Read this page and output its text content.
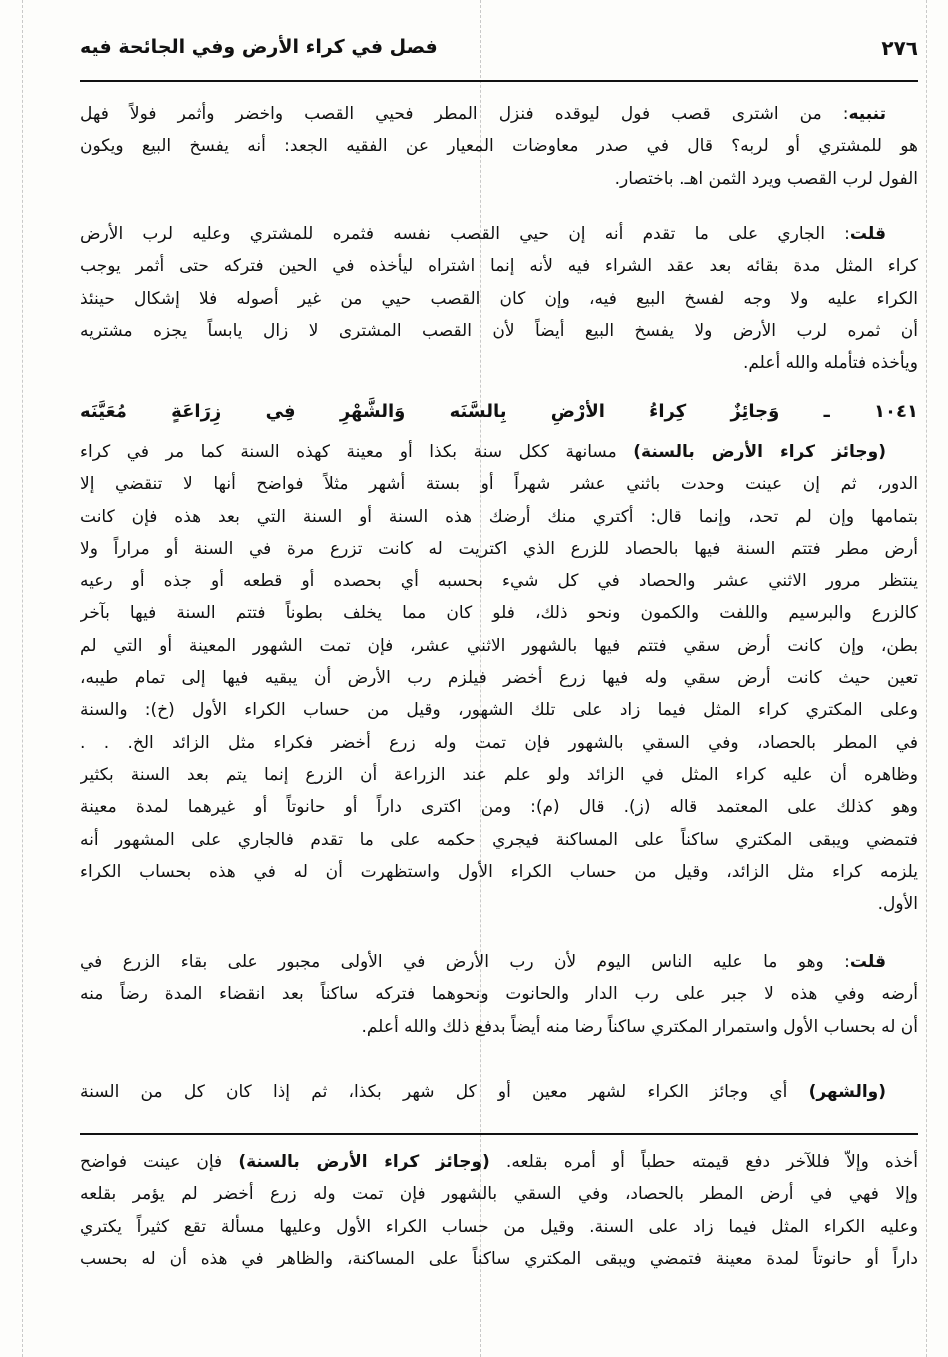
٢٧٦
فصل في كراء الأرض وفي الجائحة فيه
تنبيه: من اشترى قصب فول ليوقده فنزل المطر فحيي القصب واخضر وأثمر فولاً فهل
هو للمشتري أو لربه؟ قال في صدر معاوضات المعيار عن الفقيه الجعد: أنه يفسخ البيع ويكون
الفول لرب القصب ويرد الثمن اهـ. باختصار.
قلت: الجاري على ما تقدم أنه إن حيي القصب نفسه فثمره للمشتري وعليه لرب الأرض
كراء المثل مدة بقائه بعد عقد الشراء فيه لأنه إنما اشتراه ليأخذه في الحين فتركه حتى أثمر يوجب
الكراء عليه ولا وجه لفسخ البيع فيه، وإن كان القصب حيي من غير أصوله فلا إشكال حينئذ
أن ثمره لرب الأرض ولا يفسخ البيع أيضاً لأن القصب المشترى لا زال يابساً يجزه مشتريه
ويأخذه فتأمله والله أعلم.
١٠٤١ ـ وَجائِزٌ كِراءُ الأرْضِ بِالسَّنَه وَالشَّهْرِ فِي زِرَاعَةٍ مُعَيَّنَه
(وجائز كراء الأرض بالسنة) مسانهة ككل سنة بكذا أو معينة كهذه السنة كما مر في كراء
الدور، ثم إن عينت وحدت باثني عشر شهراً أو بستة أشهر مثلاً فواضح أنها لا تنقضي إلا
بتمامها وإن لم تحد، وإنما قال: أكتري منك أرضك هذه السنة أو السنة التي بعد هذه فإن كانت
أرض مطر فتتم السنة فيها بالحصاد للزرع الذي اكتريت له كانت تزرع مرة في السنة أو مراراً ولا
ينتظر مرور الاثني عشر والحصاد في كل شيء بحسبه أي بحصده أو قطعه أو جذه أو رعيه
كالزرع والبرسيم واللفت والكمون ونحو ذلك، فلو كان مما يخلف بطوناً فتتم السنة فيها بآخر
بطن، وإن كانت أرض سقي فتتم فيها بالشهور الاثني عشر، فإن تمت الشهور المعينة أو التي لم
تعين حيث كانت أرض سقي وله فيها زرع أخضر فيلزم رب الأرض أن يبقيه فيها إلى تمام طيبه،
وعلى المكتري كراء المثل فيما زاد على تلك الشهور، وقيل من حساب الكراء الأول (خ): والسنة
في المطر بالحصاد، وفي السقي بالشهور فإن تمت وله زرع أخضر فكراء مثل الزائد الخ. . .
وظاهره أن عليه كراء المثل في الزائد ولو علم عند الزراعة أن الزرع إنما يتم بعد السنة بكثير
وهو كذلك على المعتمد قاله (ز). قال (م): ومن اكترى داراً أو حانوتاً أو غيرهما لمدة معينة
فتمضي ويبقى المكتري ساكناً على المساكنة فيجري حكمه على ما تقدم فالجاري على المشهور أنه
يلزمه كراء مثل الزائد، وقيل من حساب الكراء الأول واستظهرت أن له في هذه بحساب الكراء
الأول.
قلت: وهو ما عليه الناس اليوم لأن رب الأرض في الأولى مجبور على بقاء الزرع في
أرضه وفي هذه لا جبر على رب الدار والحانوت ونحوهما فتركه ساكناً بعد انقضاء المدة رضاً منه
أن له بحساب الأول واستمرار المكتري ساكناً رضا منه أيضاً بدفع ذلك والله أعلم.
(والشهر) أي وجائز الكراء لشهر معين أو كل شهر بكذا، ثم إذا كان كل من السنة
أخذه وإلاّ فللآخر دفع قيمته حطباً أو أمره بقلعه. (وجائز كراء الأرض بالسنة) فإن عينت فواضح
وإلا فهي في أرض المطر بالحصاد، وفي السقي بالشهور فإن تمت وله زرع أخضر لم يؤمر بقلعه
وعليه الكراء المثل فيما زاد على السنة. وقيل من حساب الكراء الأول وعليها مسألة تقع كثيراً يكتري
داراً أو حانوتاً لمدة معينة فتمضي ويبقى المكتري ساكناً على المساكنة، والظاهر في هذه أن له بحسب
